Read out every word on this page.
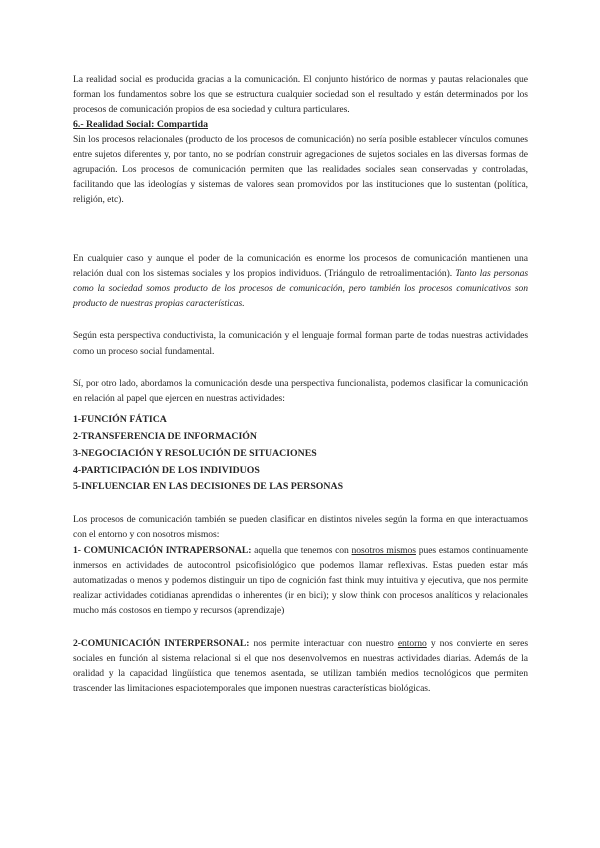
La realidad social es producida gracias a la comunicación. El conjunto histórico de normas y pautas relacionales que forman los fundamentos sobre los que se estructura cualquier sociedad son el resultado y están determinados por los procesos de comunicación propios de esa sociedad y cultura particulares.

6.- Realidad Social: Compartida

Sin los procesos relacionales (producto de los procesos de comunicación) no sería posible establecer vínculos comunes entre sujetos diferentes y, por tanto, no se podrían construir agregaciones de sujetos sociales en las diversas formas de agrupación. Los procesos de comunicación permiten que las realidades sociales sean conservadas y controladas, facilitando que las ideologías y sistemas de valores sean promovidos por las instituciones que lo sustentan (política, religión, etc).

En cualquier caso y aunque el poder de la comunicación es enorme los procesos de comunicación mantienen una relación dual con los sistemas sociales y los propios individuos. (Triángulo de retroalimentación). Tanto las personas como la sociedad somos producto de los procesos de comunicación, pero también los procesos comunicativos son producto de nuestras propias características.

Según esta perspectiva conductivista, la comunicación y el lenguaje formal forman parte de todas nuestras actividades como un proceso social fundamental.

Sí, por otro lado, abordamos la comunicación desde una perspectiva funcionalista, podemos clasificar la comunicación en relación al papel que ejercen en nuestras actividades:

1-FUNCIÓN FÁTICA
2-TRANSFERENCIA DE INFORMACIÓN
3-NEGOCIACIÓN Y RESOLUCIÓN DE SITUACIONES
4-PARTICIPACIÓN DE LOS INDIVIDUOS
5-INFLUENCIAR EN LAS DECISIONES DE LAS PERSONAS

Los procesos de comunicación también se pueden clasificar en distintos niveles según la forma en que interactuamos con el entorno y con nosotros mismos:

1- COMUNICACIÓN INTRAPERSONAL: aquella que tenemos con nosotros mismos pues estamos continuamente inmersos en actividades de autocontrol psicofisiológico que podemos llamar reflexivas. Estas pueden estar más automatizadas o menos y podemos distinguir un tipo de cognición fast think muy intuitiva y ejecutiva, que nos permite realizar actividades cotidianas aprendidas o inherentes (ir en bici); y slow think con procesos analíticos y relacionales mucho más costosos en tiempo y recursos (aprendizaje)

2-COMUNICACIÓN INTERPERSONAL: nos permite interactuar con nuestro entorno y nos convierte en seres sociales en función al sistema relacional si el que nos desenvolvemos en nuestras actividades diarias. Además de la oralidad y la capacidad lingüística que tenemos asentada, se utilizan también medios tecnológicos que permiten trascender las limitaciones espaciotemporales que imponen nuestras características biológicas.
